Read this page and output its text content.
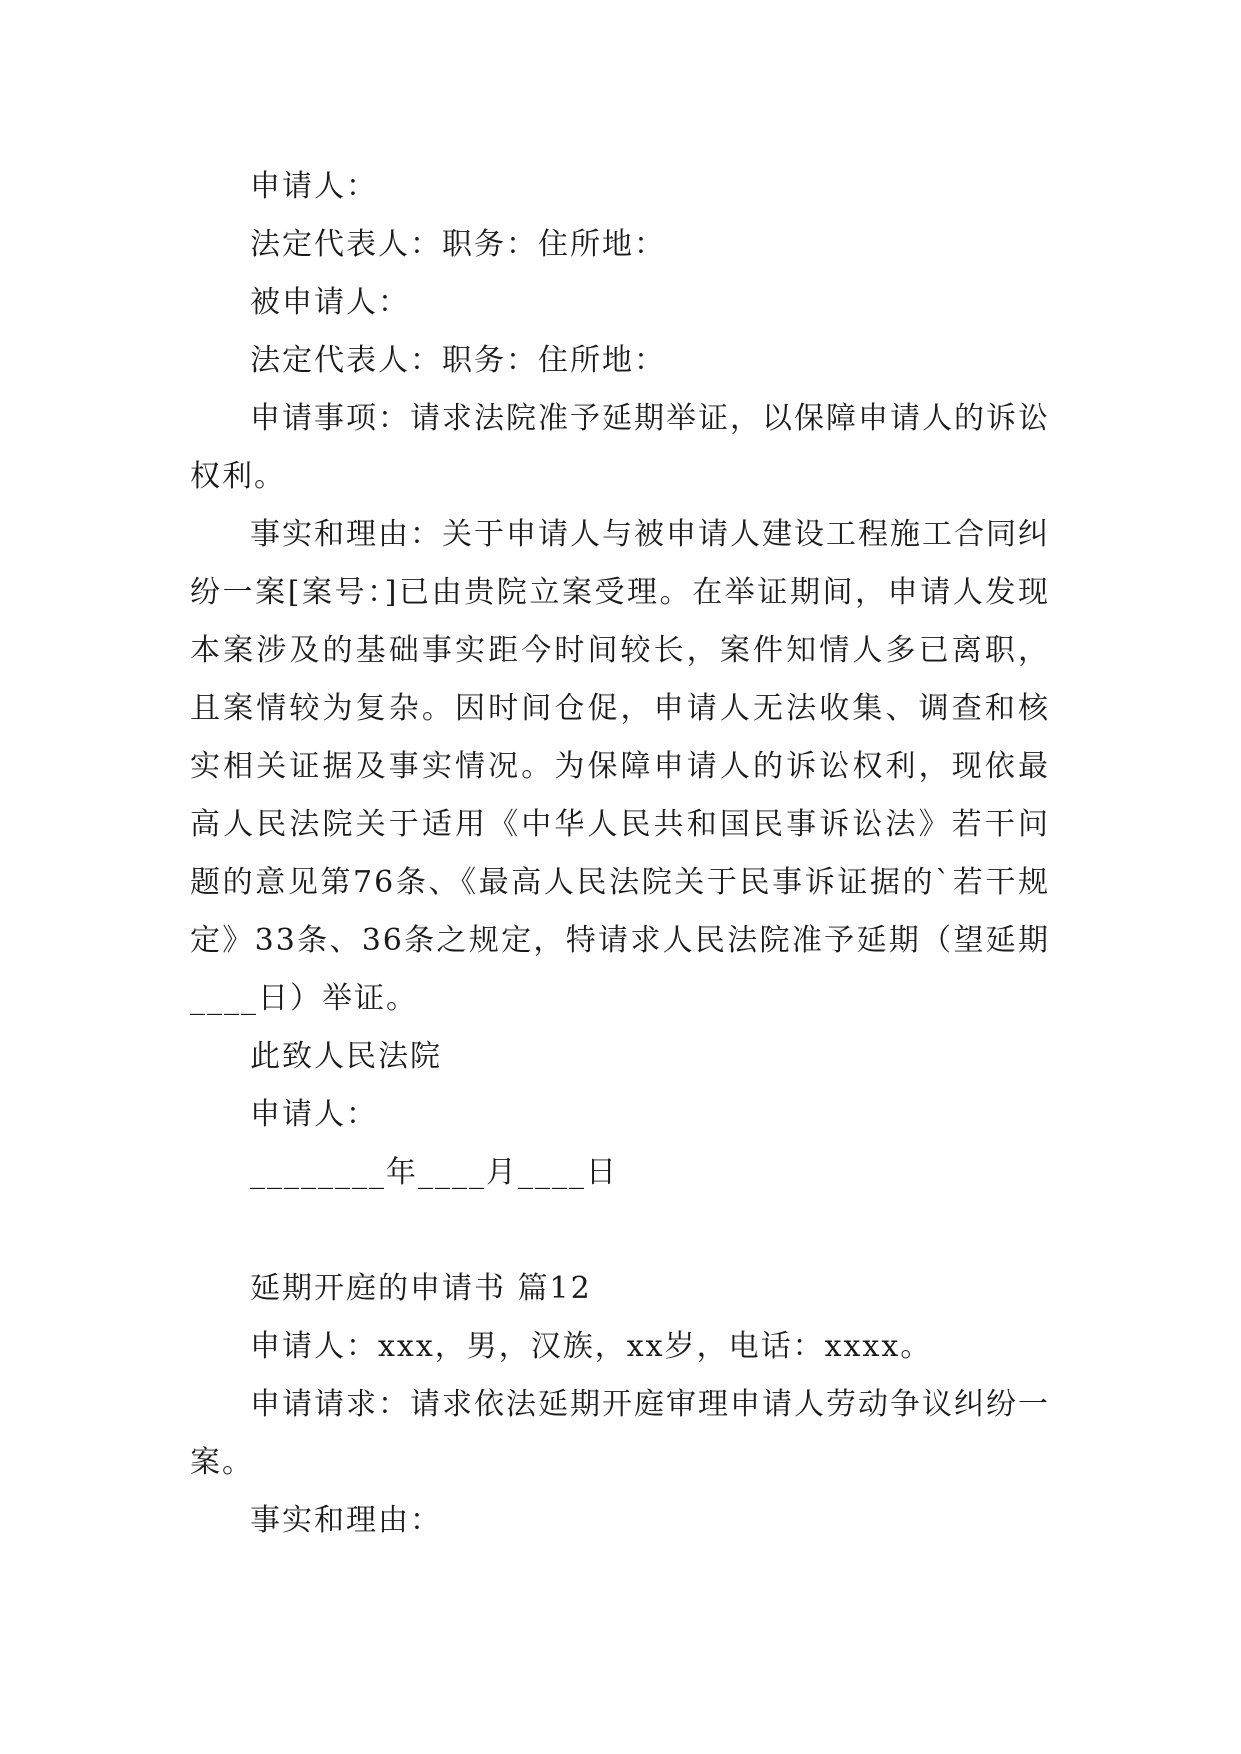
申请人：

法定代表人：职务：住所地：

被申请人：

法定代表人：职务：住所地：

申请事项：请求法院准予延期举证，以保障申请人的诉讼权利。

事实和理由：关于申请人与被申请人建设工程施工合同纠纷一案[案号：]已由贵院立案受理。在举证期间，申请人发现本案涉及的基础事实距今时间较长，案件知情人多已离职，且案情较为复杂。因时间仓促，申请人无法收集、调查和核实相关证据及事实情况。为保障申请人的诉讼权利，现依最高人民法院关于适用《中华人民共和国民事诉讼法》若干问题的意见第76条、《最高人民法院关于民事诉证据的`若干规定》33条、36条之规定，特请求人民法院准予延期（望延期____日）举证。

此致人民法院

申请人：

________年____月____日

延期开庭的申请书 篇12

申请人：xxx，男，汉族，xx岁，电话：xxxx。

申请请求：请求依法延期开庭审理申请人劳动争议纠纷一案。

事实和理由：
